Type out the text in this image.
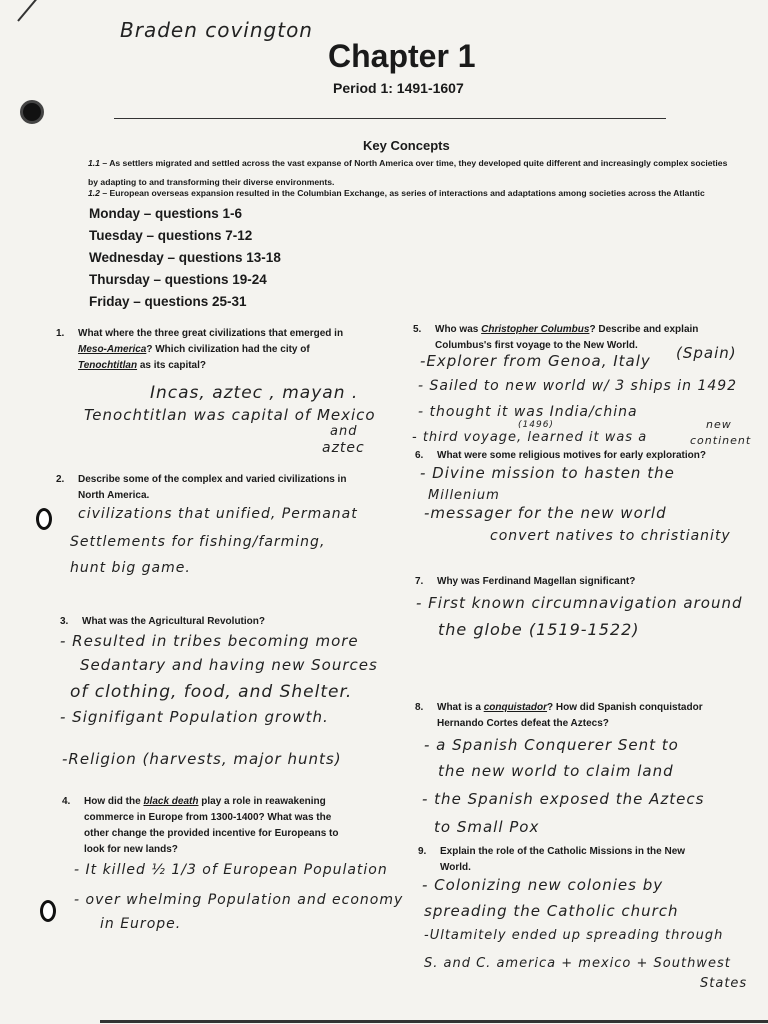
Braden covington
Chapter 1
Period 1: 1491-1607
Key Concepts
1.1 – As settlers migrated and settled across the vast expanse of North America over time, they developed quite different and increasingly complex societies
by adapting to and transforming their diverse environments.
1.2 – European overseas expansion resulted in the Columbian Exchange, as series of interactions and adaptations among societies across the Atlantic
Monday – questions 1-6
Tuesday – questions 7-12
Wednesday – questions 13-18
Thursday – questions 19-24
Friday – questions 25-31
1. What where the three great civilizations that emerged in
Meso-America? Which civilization had the city of
Tenochtitlan as its capital?
Incas, aztec , mayan .
Tenochtitlan was capital of Mexico
and
aztec
2. Describe some of the complex and varied civilizations in
North America.
civilizations that unified, Permanat
Settlements for fishing/farming,
hunt big game.
3. What was the Agricultural Revolution?
- Resulted in tribes becoming more
Sedantary and having new Sources
of clothing, food, and Shelter.
- Signifigant Population growth.
-Religion (harvests, major hunts)
4. How did the black death play a role in reawakening
commerce in Europe from 1300-1400? What was the
other change the provided incentive for Europeans to
look for new lands?
- It killed ½ 1/3 of European Population
- over whelming Population and economy
in Europe.
5. Who was Christopher Columbus? Describe and explain
Columbus's first voyage to the New World.
-Explorer from Genoa, Italy (Spain)
- Sailed to new world w/ 3 ships in 1492
- thought it was India/china
(1496)
- third voyage, learned it was a
new
continent
6. What were some religious motives for early exploration?
- Divine mission to hasten the
Millenium
-messager for the new world
convert natives to christianity
7. Why was Ferdinand Magellan significant?
- First known circumnavigation around
the globe (1519-1522)
8. What is a conquistador? How did Spanish conquistador
Hernando Cortes defeat the Aztecs?
- a Spanish Conquerer Sent to
the new world to claim land
- the Spanish exposed the Aztecs
to Small Pox
9. Explain the role of the Catholic Missions in the New
World.
- Colonizing new colonies by
spreading the Catholic church
-Ultamitely ended up spreading through
S. and C. america + mexico + Southwest
States
